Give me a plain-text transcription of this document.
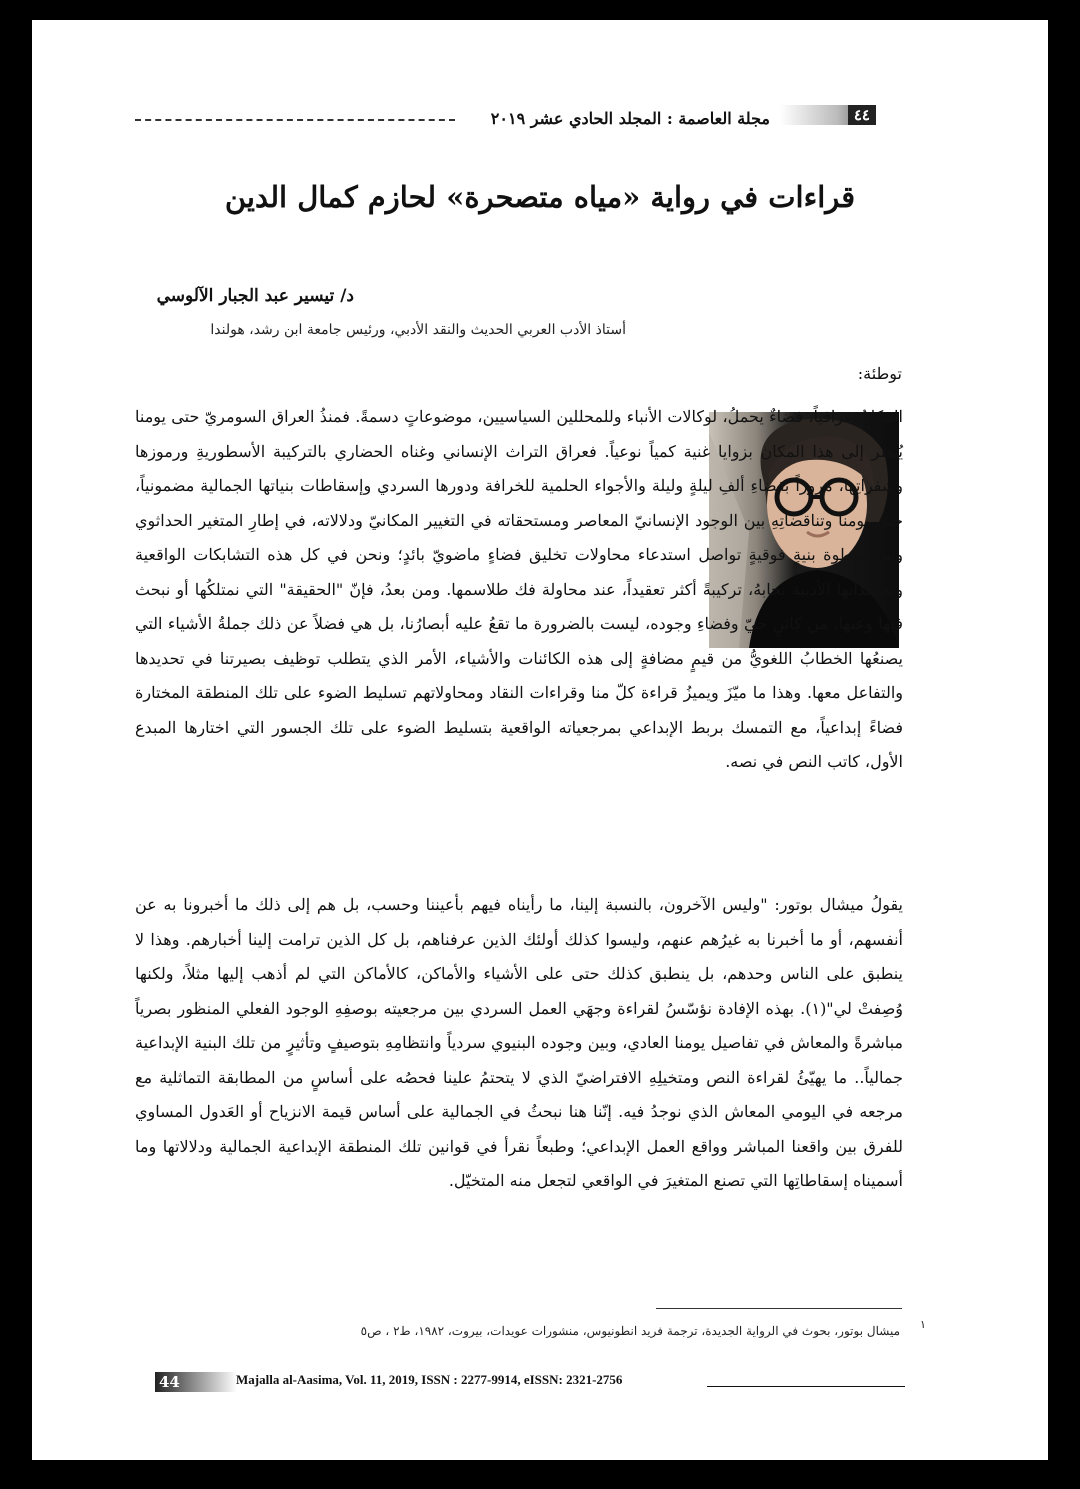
مجلة العاصمة : المجلد الحادي عشر ٢٠١٩	٤٤
قراءات في رواية «مياه متصحرة» لحازم كمال الدين
د/ تيسير عبد الجبار الآلوسي
أستاذ الأدب العربي الحديث والنقد الأدبي، ورئيس جامعة ابن رشد، هولندا
توطئة:

المكانُ عراقياً، فضاءٌ يحملُ، لوكالات الأنباء وللمحللين السياسيين، موضوعاتٍ دسمةً. فمنذُ العراق السومريّ حتى يومنا يُنظر إلى هذا المكان بزوايا غنية كمياً نوعياً. فعراق التراث الإنساني وغناه الحضاري بالتركيبة الأسطوريةِ ورموزها وشفراتِها، مروراً بفضاءِ ألفِ ليلةٍ وليلة والأجواء الحلمية للخرافة ودورها السردي وإسقاطات بنياتها الجمالية مضمونياً، حتى يومنا وتناقضاتِهِ بين الوجود الإنسانيّ المعاصر ومستحقاته في التغيير المكانيّ ودلالاته، في إطارِ المتغير الحداثوي وبين سطوة بنيةٍ فوقيةٍ تواصل استدعاء محاولات تخليق فضاءٍ ماضويّ بائدٍ؛ ونحن في كل هذه التشابكات الواقعية وتجسّداتها الأدبية نجابهُ، تركيبةً أكثر تعقيداً، عند محاولة فك طلاسمها. ومن بعدُ، فإنّ "الحقيقة" التي نمتلكُها أو نبحث فيها وعنها، من كائنٍ حيّ وفضاءِ وجوده، ليست بالضرورة ما تقعُ عليه أبصارُنا، بل هي فضلاً عن ذلك جملةُ الأشياء التي يصنعُها الخطابُ اللغويُّ من قيمٍ مضافةٍ إلى هذه الكائنات والأشياء، الأمر الذي يتطلب توظيف بصيرتنا في تحديدها والتفاعل معها. وهذا ما ميّزَ ويميزُ قراءة كلّ منا وقراءات النقاد ومحاولاتهم تسليط الضوء على تلك المنطقة المختارة فضاءً إبداعياً، مع التمسك بربط الإبداعي بمرجعياته الواقعية بتسليط الضوء على تلك الجسور التي اختارها المبدع الأول، كاتب النص في نصه.

يقولُ ميشال بوتور: "وليس الآخرون، بالنسبة إلينا، ما رأيناه فيهم بأعيننا وحسب، بل هم إلى ذلك ما أخبرونا به عن أنفسهم، أو ما أخبرنا به غيرُهم عنهم، وليسوا كذلك أولئك الذين عرفناهم، بل كل الذين ترامت إلينا أخبارهم. وهذا لا ينطبق على الناس وحدهم، بل ينطبق كذلك حتى على الأشياء والأماكن، كالأماكن التي لم أذهب إليها مثلاً، ولكنها وُصِفتْ لي"(١). بهذه الإفادة نؤسّسُ لقراءة وجهَي العمل السردي بين مرجعيته بوصفِهِ الوجود الفعلي المنظور بصرياً مباشرةً والمعاش في تفاصيل يومنا العادي، وبين وجوده البنيوي سردياً وانتظامِهِ بتوصيفٍ وتأثيرٍ من تلك البنية الإبداعية جمالياً.. ما يهيّئُ لقراءة النص ومتخيلِهِ الافتراضيّ الذي لا يتحتمُ علينا فحصُه على أساسٍ من المطابقة التماثلية مع مرجعه في اليومي المعاش الذي نوجدُ فيه. إنّنا هنا نبحثُ في الجمالية على أساس قيمة الانزياح أو العَدول المساوي للفرق بين واقعنا المباشر وواقع العمل الإبداعي؛ وطبعاً نقرأ في قوانين تلك المنطقة الإبداعية الجمالية ودلالاتها وما أسميناه إسقاطاتِها التي تصنع المتغيرَ في الواقعي لتجعل منه المتخيّل.

١
ميشال بوتور، بحوث في الرواية الجديدة، ترجمة فريد انطونيوس، منشورات عويدات، بيروت، ١٩٨٢، ط٢ ، ص٥
44	Majalla al-Aasima, Vol. 11, 2019, ISSN : 2277-9914, eISSN: 2321-2756
